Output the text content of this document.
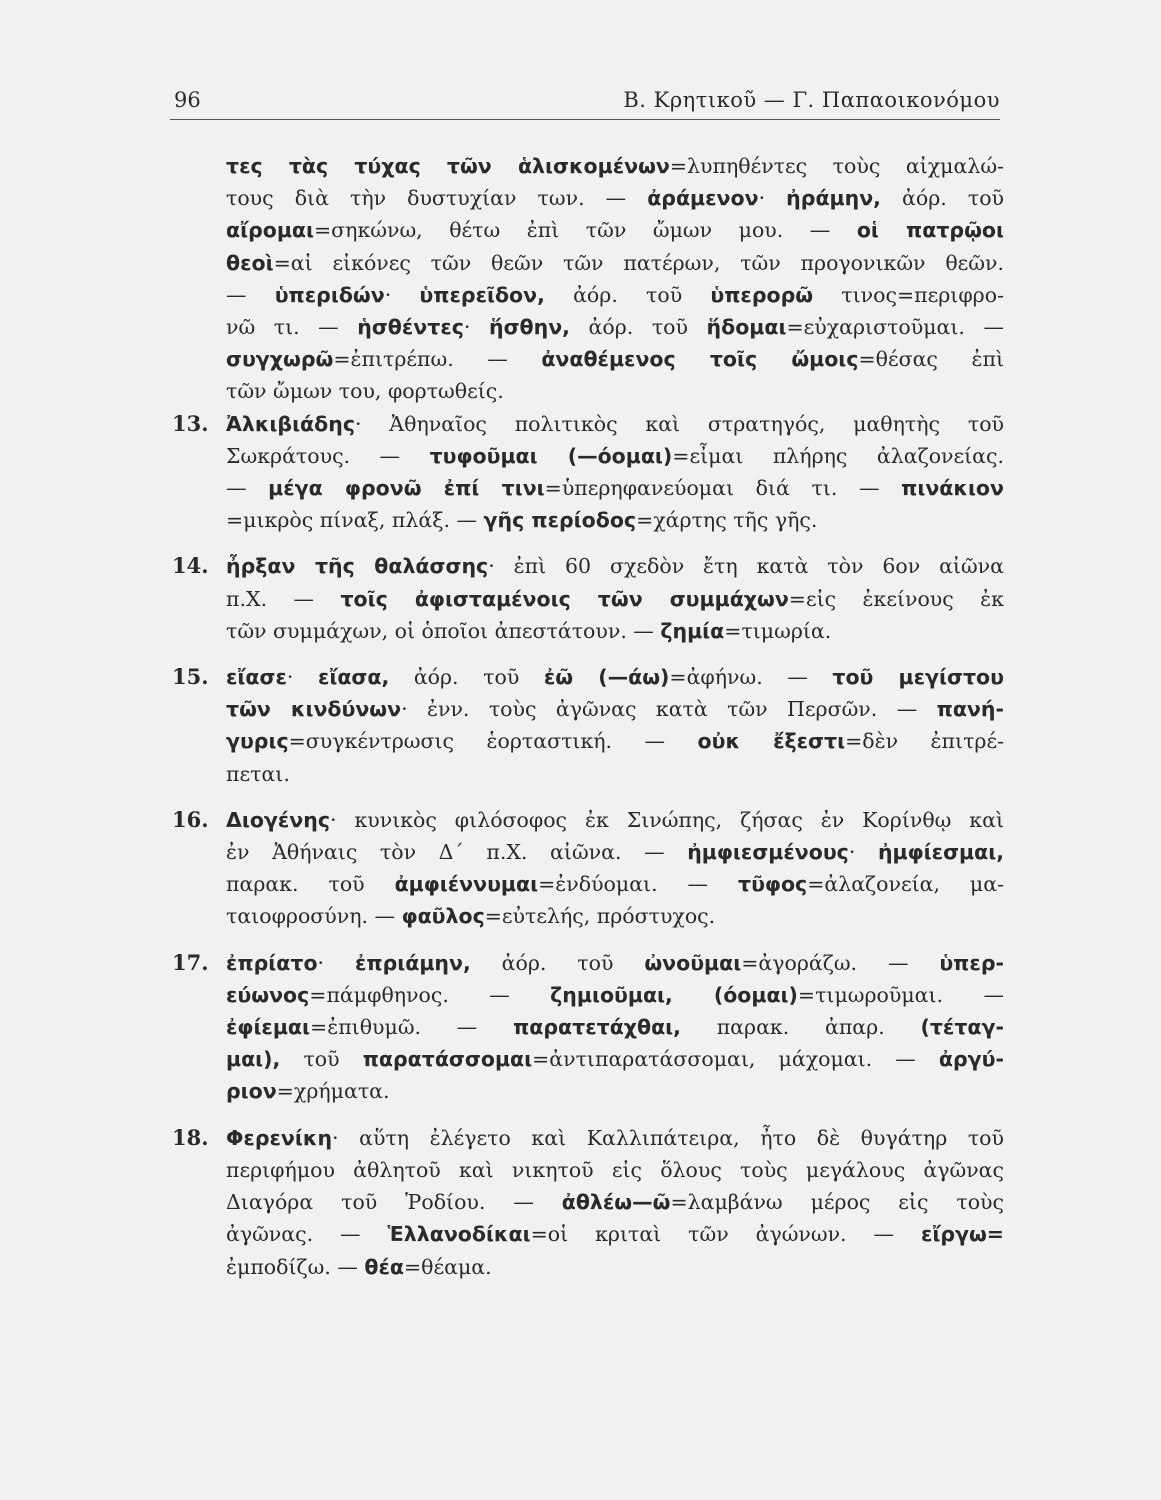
96	Β. Κρητικοῦ — Γ. Παπαοικονόμου
τες τὰς τύχας τῶν ἁλισκομένων=λυπηθέντες τοὺς αἰχμαλώ-
τους διὰ τὴν δυστυχίαν των. — ἀράμενον· ἠράμην, ἀόρ. τοῦ
αἴρομαι=σηκώνω, θέτω ἐπὶ τῶν ὤμων μου. — οἱ πατρῷοι
θεοὶ=αἱ εἰκόνες τῶν θεῶν τῶν πατέρων, τῶν προγονικῶν θεῶν.
— ὑπεριδών· ὑπερεῖδον, ἀόρ. τοῦ ὑπερορῶ τινος=περιφρο-
νῶ τι. — ἡσθέντες· ἥσθην, ἀόρ. τοῦ ἥδομαι=εὐχαριστοῦμαι. —
συγχωρῶ=ἐπιτρέπω. — ἀναθέμενος τοῖς ὤμοις=θέσας ἐπὶ
τῶν ὤμων του, φορτωθείς.
13. Ἀλκιβιάδης· Ἀθηναῖος πολιτικὸς καὶ στρατηγός, μαθητὴς τοῦ
Σωκράτους. — τυφοῦμαι (—όομαι)=εἶμαι πλήρης ἀλαζονείας.
— μέγα φρονῶ ἐπί τινι=ὑπερηφανεύομαι διά τι. — πινάκιον
=μικρὸς πίναξ, πλάξ. — γῆς περίοδος=χάρτης τῆς γῆς.
14. ἦρξαν τῆς θαλάσσης· ἐπὶ 60 σχεδὸν ἔτη κατὰ τὸν 6ον αἰῶνα
π.Χ. — τοῖς ἀφισταμένοις τῶν συμμάχων=εἰς ἐκείνους ἐκ
τῶν συμμάχων, οἱ ὁποῖοι ἀπεστάτουν. — ζημία=τιμωρία.
15. εἴασε· εἴασα, ἀόρ. τοῦ ἐῶ (—άω)=ἀφήνω. — τοῦ μεγίστου
τῶν κινδύνων· ἐνν. τοὺς ἀγῶνας κατὰ τῶν Περσῶν. — πανή-
γυρις=συγκέντρωσις ἑορταστική. — οὐκ ἔξεστι=δὲν ἐπιτρέ-
πεται.
16. Διογένης· κυνικὸς φιλόσοφος ἐκ Σινώπης, ζήσας ἐν Κορίνθῳ καὶ
ἐν Ἀθήναις τὸν Δ΄ π.Χ. αἰῶνα. — ἠμφιεσμένους· ἠμφίεσμαι,
παρακ. τοῦ ἀμφιέννυμαι=ἐνδύομαι. — τῦφος=ἀλαζονεία, μα-
ταιοφροσύνη. — φαῦλος=εὐτελής, πρόστυχος.
17. ἐπρίατο· ἐπριάμην, ἀόρ. τοῦ ὠνοῦμαι=ἀγοράζω. — ὑπερ-
εύωνος=πάμφθηνος. — ζημιοῦμαι, (όομαι)=τιμωροῦμαι. —
ἐφίεμαι=ἐπιθυμῶ. — παρατετάχθαι, παρακ. ἀπαρ. (τέταγ-
μαι), τοῦ παρατάσσομαι=ἀντιπαρατάσσομαι, μάχομαι. — ἀργύ-
ριον=χρήματα.
18. Φερενίκη· αὕτη ἐλέγετο καὶ Καλλιπάτειρα, ἦτο δὲ θυγάτηρ τοῦ
περιφήμου ἀθλητοῦ καὶ νικητοῦ εἰς ὅλους τοὺς μεγάλους ἀγῶνας
Διαγόρα τοῦ Ῥοδίου. — ἀθλέω—ῶ=λαμβάνω μέρος εἰς τοὺς
ἀγῶνας. — Ἑλλανοδίκαι=οἱ κριταὶ τῶν ἀγώνων. — εἴργω=
ἐμποδίζω. — θέα=θέαμα.
